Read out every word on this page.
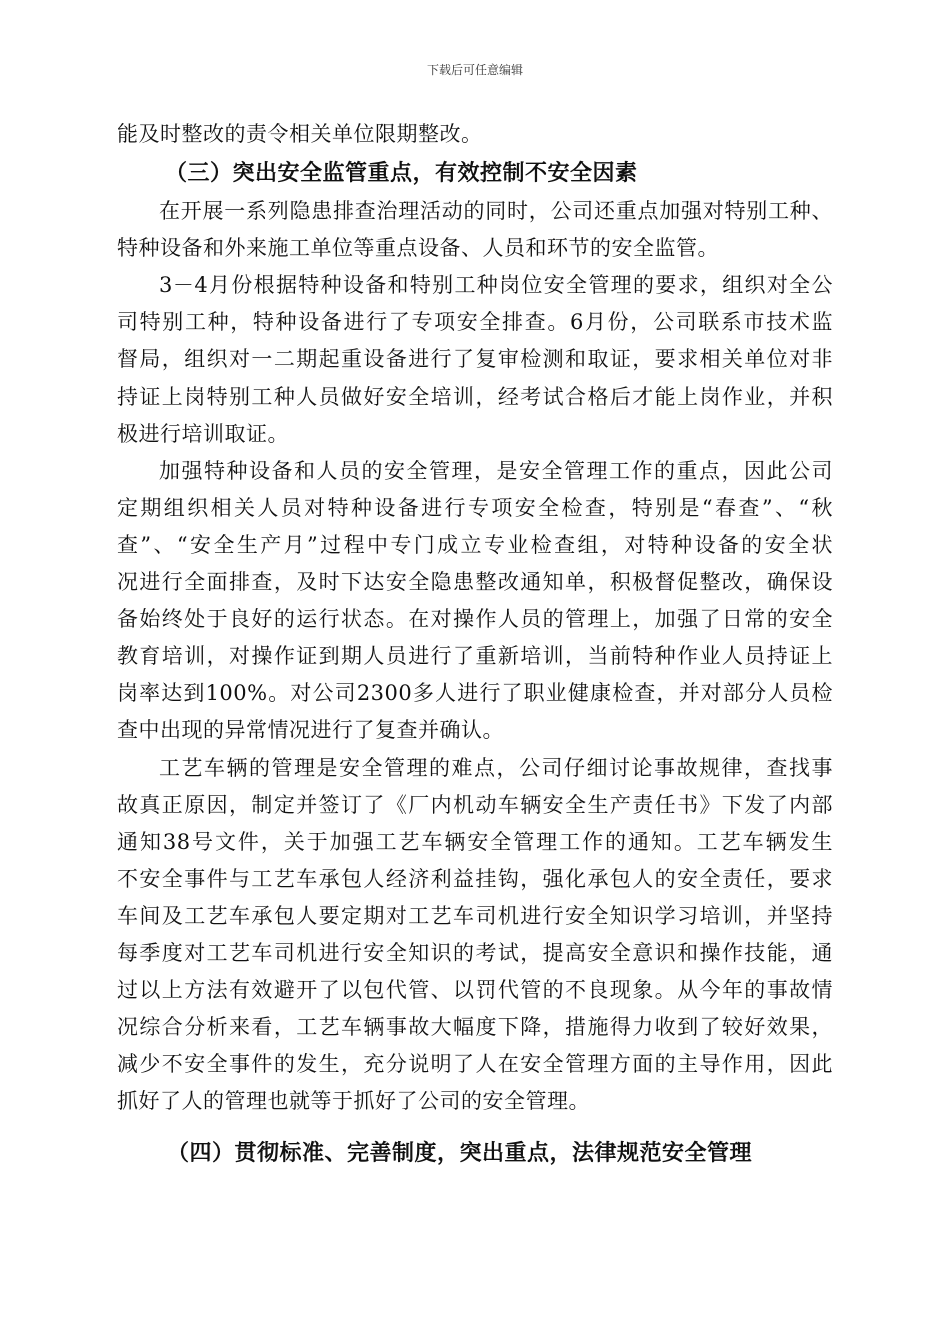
下载后可任意编辑
能及时整改的责令相关单位限期整改。
（三）突出安全监管重点，有效控制不安全因素
在开展一系列隐患排查治理活动的同时，公司还重点加强对特别工种、
特种设备和外来施工单位等重点设备、人员和环节的安全监管。
3－4月份根据特种设备和特别工种岗位安全管理的要求，组织对全公
司特别工种，特种设备进行了专项安全排查。6月份，公司联系市技术监
督局，组织对一二期起重设备进行了复审检测和取证，要求相关单位对非
持证上岗特别工种人员做好安全培训，经考试合格后才能上岗作业，并积
极进行培训取证。
加强特种设备和人员的安全管理，是安全管理工作的重点，因此公司
定期组织相关人员对特种设备进行专项安全检查，特别是“春查”、“秋
查”、“安全生产月”过程中专门成立专业检查组，对特种设备的安全状
况进行全面排查，及时下达安全隐患整改通知单，积极督促整改，确保设
备始终处于良好的运行状态。在对操作人员的管理上，加强了日常的安全
教育培训，对操作证到期人员进行了重新培训，当前特种作业人员持证上
岗率达到100%。对公司2300多人进行了职业健康检查，并对部分人员检
查中出现的异常情况进行了复查并确认。
工艺车辆的管理是安全管理的难点，公司仔细讨论事故规律，查找事
故真正原因，制定并签订了《厂内机动车辆安全生产责任书》下发了内部
通知38号文件，关于加强工艺车辆安全管理工作的通知。工艺车辆发生
不安全事件与工艺车承包人经济利益挂钩，强化承包人的安全责任，要求
车间及工艺车承包人要定期对工艺车司机进行安全知识学习培训，并坚持
每季度对工艺车司机进行安全知识的考试，提高安全意识和操作技能，通
过以上方法有效避开了以包代管、以罚代管的不良现象。从今年的事故情
况综合分析来看，工艺车辆事故大幅度下降，措施得力收到了较好效果，
减少不安全事件的发生，充分说明了人在安全管理方面的主导作用，因此
抓好了人的管理也就等于抓好了公司的安全管理。
（四）贯彻标准、完善制度，突出重点，法律规范安全管理
